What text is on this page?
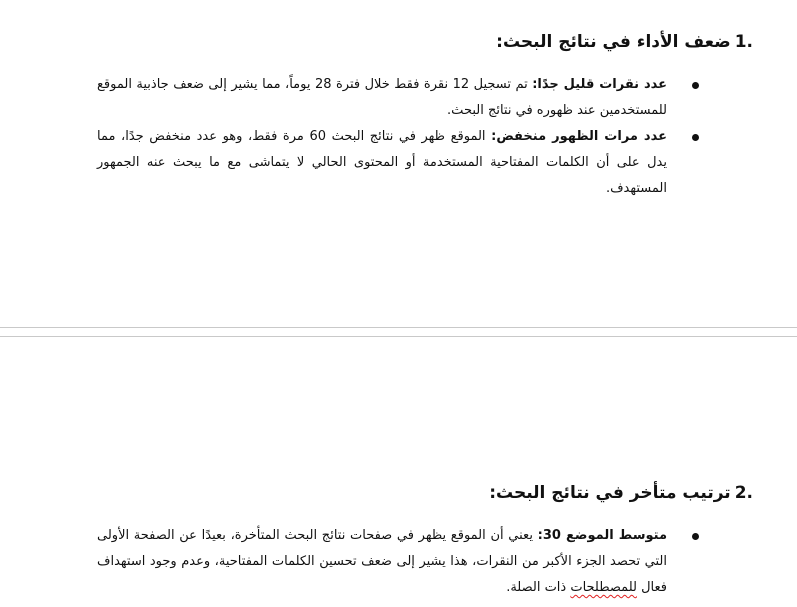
.1ضعف الأداء في نتائج البحث:
عدد نقرات قليل جدًا: تم تسجيل 12 نقرة فقط خلال فترة 28 يوماً، مما يشير إلى ضعف جاذبية الموقع للمستخدمين عند ظهوره في نتائج البحث.
عدد مرات الظهور منخفض: الموقع ظهر في نتائج البحث 60 مرة فقط، وهو عدد منخفض جدًا، مما يدل على أن الكلمات المفتاحية المستخدمة أو المحتوى الحالي لا يتماشى مع ما يبحث عنه الجمهور المستهدف.
.2ترتيب متأخر في نتائج البحث:
متوسط الموضع 30: يعني أن الموقع يظهر في صفحات نتائج البحث المتأخرة، بعيدًا عن الصفحة الأولى التي تحصد الجزء الأكبر من النقرات، هذا يشير إلى ضعف تحسين الكلمات المفتاحية، وعدم وجود استهداف فعال للمصطلحات ذات الصلة.
